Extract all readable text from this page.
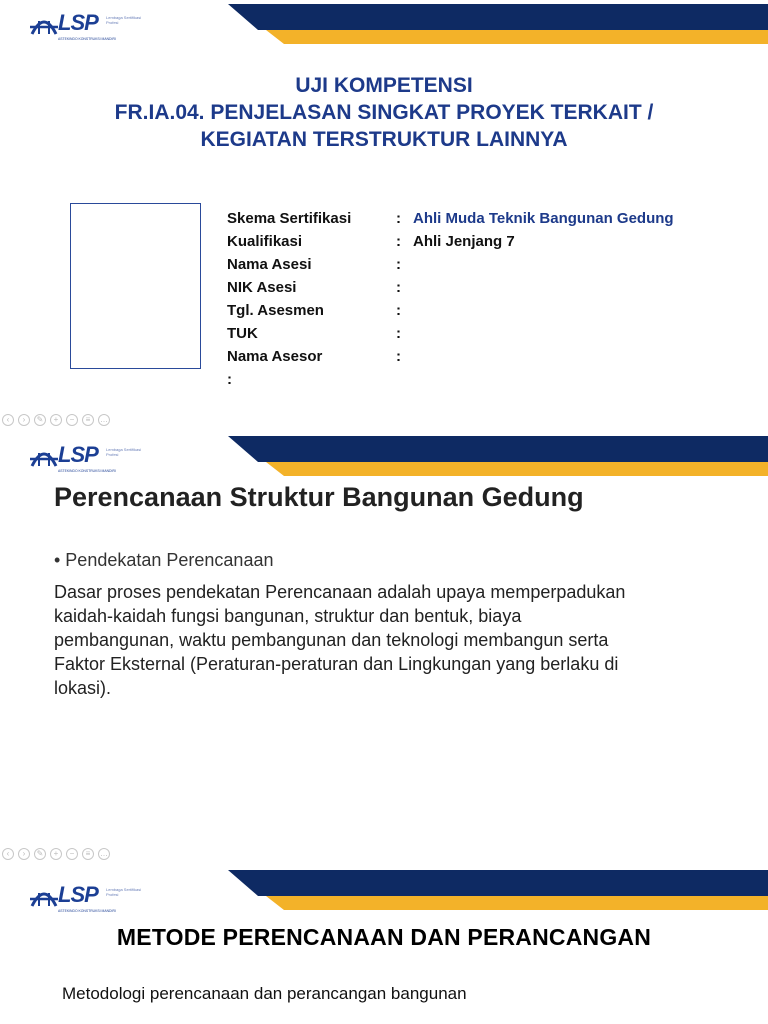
LSP Lembaga Sertifikasi Profesi
ASTEKINDO KONSTRUKSI MANDIRI
UJI KOMPETENSI
FR.IA.04. PENJELASAN SINGKAT PROYEK TERKAIT /
KEGIATAN TERSTRUKTUR LAINNYA
Skema Sertifikasi	: Ahli Muda Teknik Bangunan Gedung
Kualifikasi	: Ahli Jenjang 7
Nama Asesi	:
NIK Asesi	:
Tgl. Asesmen	:
TUK	:
Nama Asesor	:
:
‹	›	✎	+	−	≡	…
LSP Lembaga Sertifikasi Profesi
ASTEKINDO KONSTRUKSI MANDIRI
Perencanaan Struktur Bangunan Gedung
• Pendekatan Perencanaan
Dasar proses pendekatan Perencanaan adalah upaya memperpadukan
kaidah-kaidah fungsi bangunan, struktur dan bentuk, biaya
pembangunan, waktu pembangunan dan teknologi membangun serta
Faktor Eksternal (Peraturan-peraturan dan Lingkungan yang berlaku di
lokasi).
‹	›	✎	+	−	≡	…
LSP Lembaga Sertifikasi Profesi
ASTEKINDO KONSTRUKSI MANDIRI
METODE PERENCANAAN DAN PERANCANGAN
Metodologi perencanaan dan perancangan bangunan
